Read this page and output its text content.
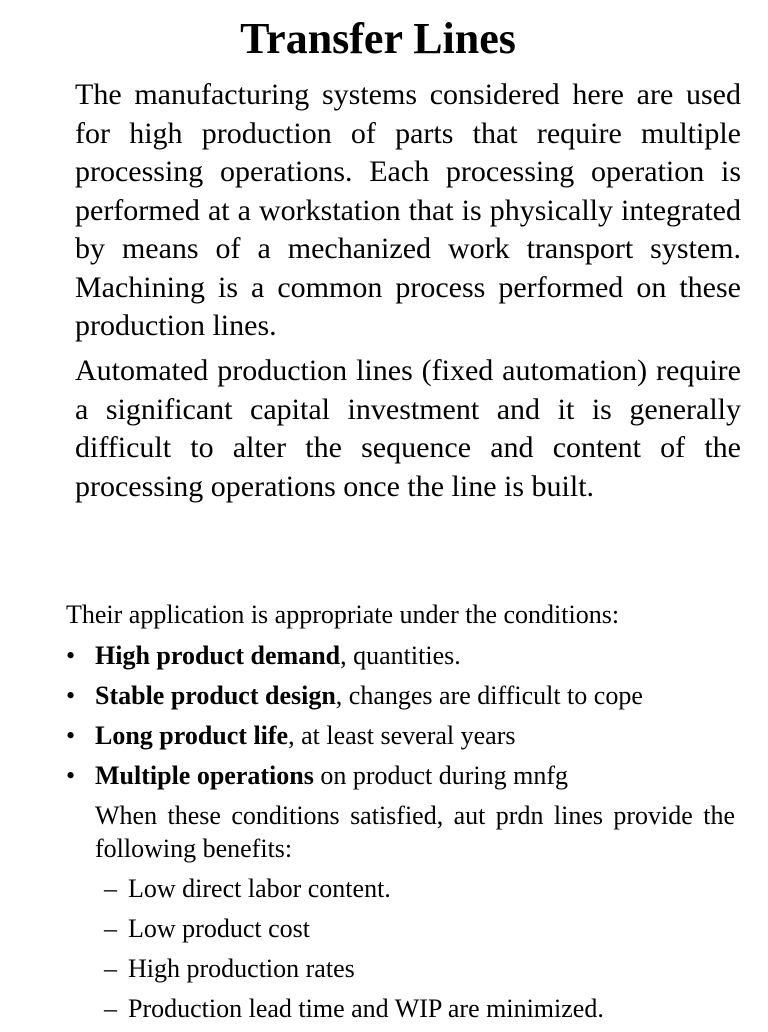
Transfer Lines

The manufacturing systems considered here are used for high production of parts that require multiple processing operations. Each processing operation is performed at a workstation that is physically integrated by means of a mechanized work transport system. Machining is a common process performed on these production lines.

Automated production lines (fixed automation) require a significant capital investment and it is generally difficult to alter the sequence and content of the processing operations once the line is built.

Their application is appropriate under the conditions:

• High product demand, quantities.
• Stable product design, changes are difficult to cope
• Long product life, at least several years
• Multiple operations on product during mnfg

When these conditions satisfied, aut prdn lines provide the following benefits:

– Low direct labor content.
– Low product cost
– High production rates
– Production lead time and WIP are minimized.
